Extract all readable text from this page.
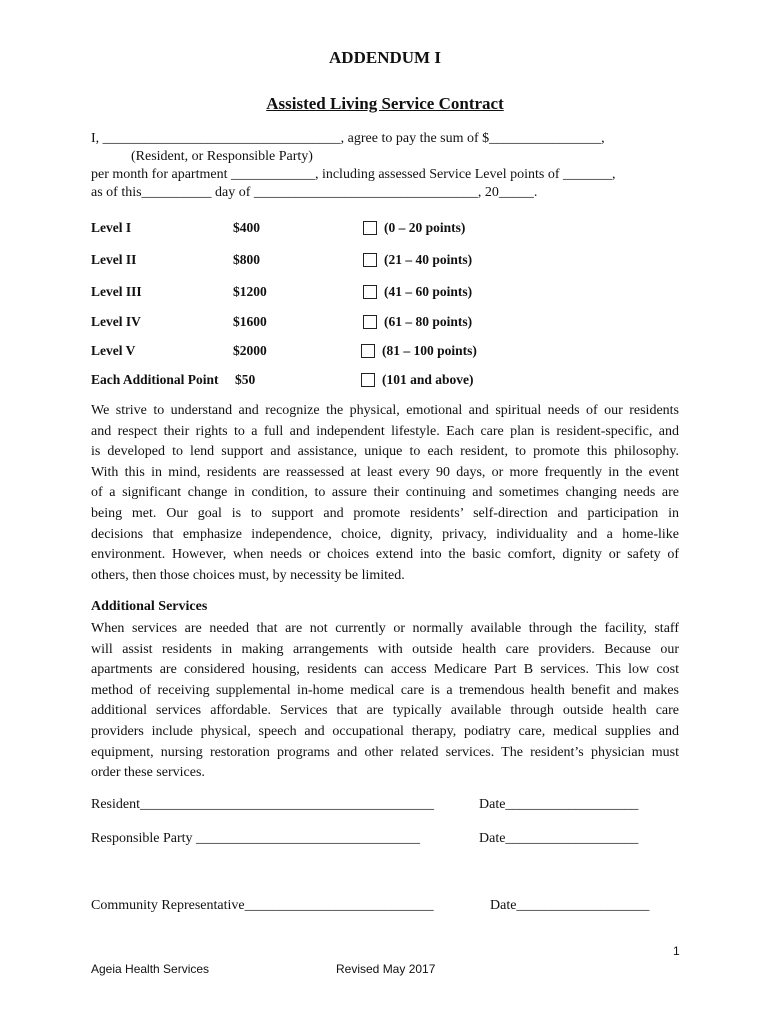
ADDENDUM I
Assisted Living Service Contract
I, __________________________________, agree to pay the sum of $________________,
(Resident, or Responsible Party)
per month for apartment ____________, including assessed Service Level points of _______,
as of this__________ day of ________________________________, 20_____.
Level I	$400	(0 – 20 points)
Level II	$800	(21 – 40 points)
Level III	$1200	(41 – 60 points)
Level IV	$1600	(61 – 80 points)
Level V	$2000	(81 – 100 points)
Each Additional Point $50	(101 and above)
We strive to understand and recognize the physical, emotional and spiritual needs of our residents
and respect their rights to a full and independent lifestyle. Each care plan is resident-specific, and
is developed to lend support and assistance, unique to each resident, to promote this philosophy.
With this in mind, residents are reassessed at least every 90 days, or more frequently in the event
of a significant change in condition, to assure their continuing and sometimes changing needs are
being met. Our goal is to support and promote residents’ self-direction and participation in
decisions that emphasize independence, choice, dignity, privacy, individuality and a home-like
environment. However, when needs or choices extend into the basic comfort, dignity or safety of
others, then those choices must, by necessity be limited.
Additional Services
When services are needed that are not currently or normally available through the facility, staff
will assist residents in making arrangements with outside health care providers. Because our
apartments are considered housing, residents can access Medicare Part B services. This low cost
method of receiving supplemental in-home medical care is a tremendous health benefit and makes
additional services affordable. Services that are typically available through outside health care
providers include physical, speech and occupational therapy, podiatry care, medical supplies and
equipment, nursing restoration programs and other related services. The resident’s physician must
order these services.
Resident__________________________________________	Date___________________
Responsible Party ________________________________	Date___________________
Community Representative___________________________	Date___________________
1
Ageia Health Services	Revised May 2017
